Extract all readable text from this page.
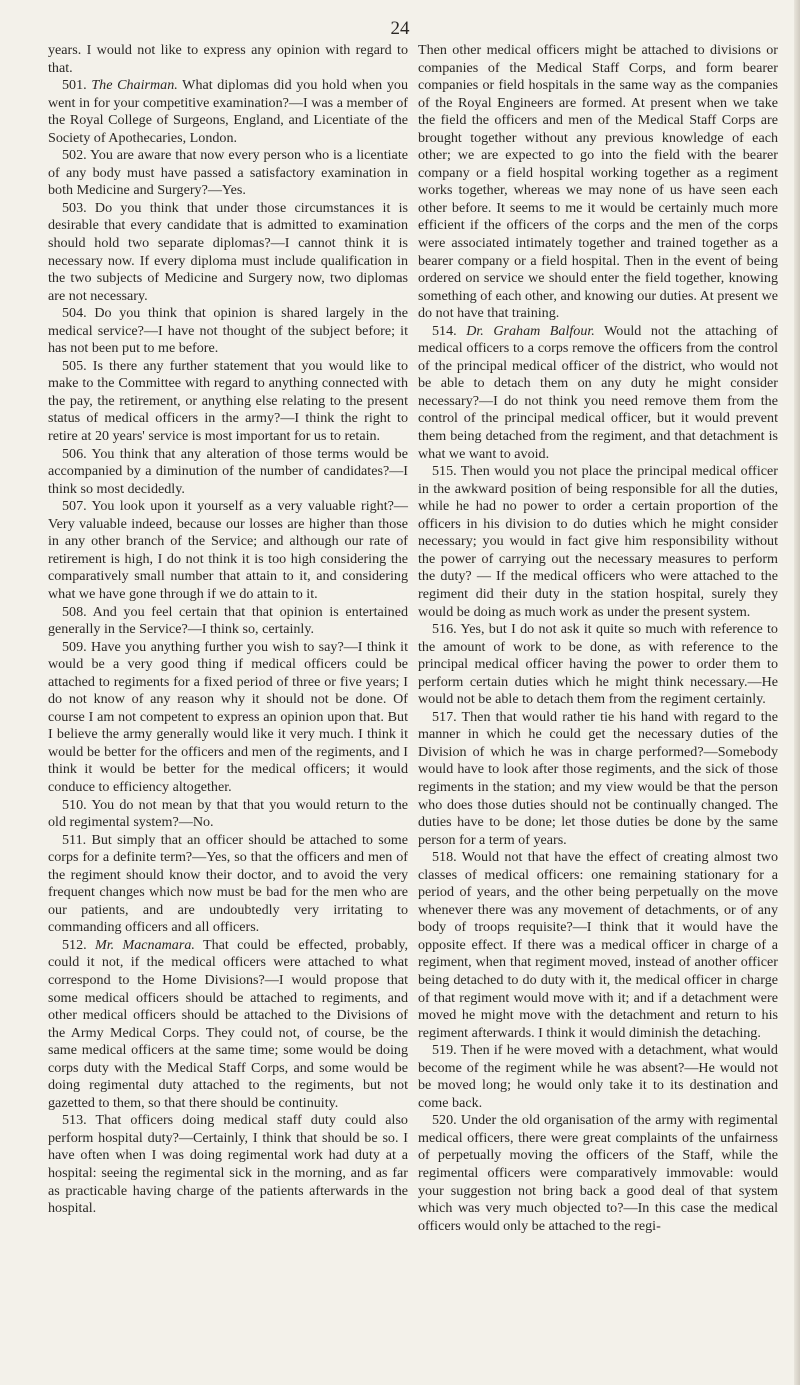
24

years. I would not like to express any opinion with regard to that.

501. The Chairman. What diplomas did you hold when you went in for your competitive examination?—I was a member of the Royal College of Surgeons, England, and Licentiate of the Society of Apothecaries, London.

502. You are aware that now every person who is a licentiate of any body must have passed a satisfactory examination in both Medicine and Surgery?—Yes.

503. Do you think that under those circumstances it is desirable that every candidate that is admitted to examination should hold two separate diplomas?—I cannot think it is necessary now. If every diploma must include qualification in the two subjects of Medicine and Surgery now, two diplomas are not necessary.

504. Do you think that opinion is shared largely in the medical service?—I have not thought of the subject before; it has not been put to me before.

505. Is there any further statement that you would like to make to the Committee with regard to anything connected with the pay, the retirement, or anything else relating to the present status of medical officers in the army?—I think the right to retire at 20 years' service is most important for us to retain.

506. You think that any alteration of those terms would be accompanied by a diminution of the number of candidates?—I think so most decidedly.

507. You look upon it yourself as a very valuable right?—Very valuable indeed, because our losses are higher than those in any other branch of the Service; and although our rate of retirement is high, I do not think it is too high considering the comparatively small number that attain to it, and considering what we have gone through if we do attain to it.

508. And you feel certain that that opinion is entertained generally in the Service?—I think so, certainly.

509. Have you anything further you wish to say?—I think it would be a very good thing if medical officers could be attached to regiments for a fixed period of three or five years; I do not know of any reason why it should not be done. Of course I am not competent to express an opinion upon that. But I believe the army generally would like it very much. I think it would be better for the officers and men of the regiments, and I think it would be better for the medical officers; it would conduce to efficiency altogether.

510. You do not mean by that that you would return to the old regimental system?—No.

511. But simply that an officer should be attached to some corps for a definite term?—Yes, so that the officers and men of the regiment should know their doctor, and to avoid the very frequent changes which now must be bad for the men who are our patients, and are undoubtedly very irritating to commanding officers and all officers.

512. Mr. Macnamara. That could be effected, probably, could it not, if the medical officers were attached to what correspond to the Home Divisions?—I would propose that some medical officers should be attached to regiments, and other medical officers should be attached to the Divisions of the Army Medical Corps. They could not, of course, be the same medical officers at the same time; some would be doing corps duty with the Medical Staff Corps, and some would be doing regimental duty attached to the regiments, but not gazetted to them, so that there should be continuity.

513. That officers doing medical staff duty could also perform hospital duty?—Certainly, I think that should be so. I have often when I was doing regimental work had duty at a hospital: seeing the regimental sick in the morning, and as far as practicable having charge of the patients afterwards in the hospital.

Then other medical officers might be attached to divisions or companies of the Medical Staff Corps, and form bearer companies or field hospitals in the same way as the companies of the Royal Engineers are formed. At present when we take the field the officers and men of the Medical Staff Corps are brought together without any previous knowledge of each other; we are expected to go into the field with the bearer company or a field hospital working together as a regiment works together, whereas we may none of us have seen each other before. It seems to me it would be certainly much more efficient if the officers of the corps and the men of the corps were associated intimately together and trained together as a bearer company or a field hospital. Then in the event of being ordered on service we should enter the field together, knowing something of each other, and knowing our duties. At present we do not have that training.

514. Dr. Graham Balfour. Would not the attaching of medical officers to a corps remove the officers from the control of the principal medical officer of the district, who would not be able to detach them on any duty he might consider necessary?—I do not think you need remove them from the control of the principal medical officer, but it would prevent them being detached from the regiment, and that detachment is what we want to avoid.

515. Then would you not place the principal medical officer in the awkward position of being responsible for all the duties, while he had no power to order a certain proportion of the officers in his division to do duties which he might consider necessary; you would in fact give him responsibility without the power of carrying out the necessary measures to perform the duty? — If the medical officers who were attached to the regiment did their duty in the station hospital, surely they would be doing as much work as under the present system.

516. Yes, but I do not ask it quite so much with reference to the amount of work to be done, as with reference to the principal medical officer having the power to order them to perform certain duties which he might think necessary.—He would not be able to detach them from the regiment certainly.

517. Then that would rather tie his hand with regard to the manner in which he could get the necessary duties of the Division of which he was in charge performed?—Somebody would have to look after those regiments, and the sick of those regiments in the station; and my view would be that the person who does those duties should not be continually changed. The duties have to be done; let those duties be done by the same person for a term of years.

518. Would not that have the effect of creating almost two classes of medical officers: one remaining stationary for a period of years, and the other being perpetually on the move whenever there was any movement of detachments, or of any body of troops requisite?—I think that it would have the opposite effect. If there was a medical officer in charge of a regiment, when that regiment moved, instead of another officer being detached to do duty with it, the medical officer in charge of that regiment would move with it; and if a detachment were moved he might move with the detachment and return to his regiment afterwards. I think it would diminish the detaching.

519. Then if he were moved with a detachment, what would become of the regiment while he was absent?—He would not be moved long; he would only take it to its destination and come back.

520. Under the old organisation of the army with regimental medical officers, there were great complaints of the unfairness of perpetually moving the officers of the Staff, while the regimental officers were comparatively immovable: would your suggestion not bring back a good deal of that system which was very much objected to?—In this case the medical officers would only be attached to the regi-
